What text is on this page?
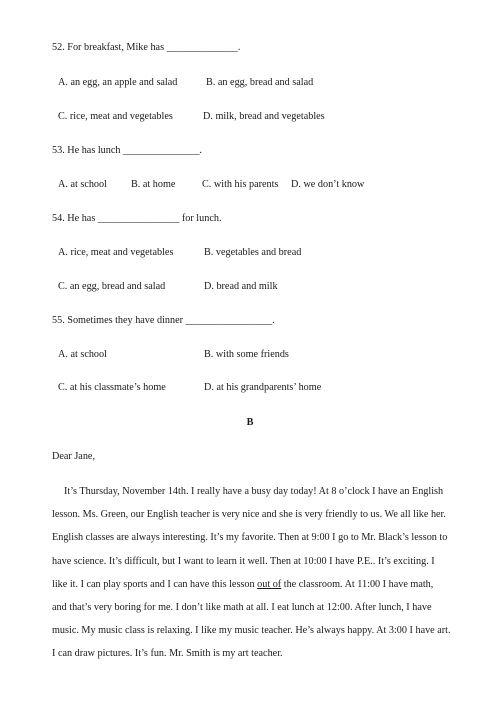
52. For breakfast, Mike has ______________.
A. an egg, an apple and salad	B. an egg, bread and salad
C. rice, meat and vegetables	D. milk, bread and vegetables
53. He has lunch _______________.
A. at school B. at home	C. with his parents D. we don’t know
54. He has ________________ for lunch.
A. rice, meat and vegetables	B. vegetables and bread
C. an egg, bread and salad	D. bread and milk
55. Sometimes they have dinner _________________.
A. at school	B. with some friends
C. at his classmate’s home	D. at his grandparents’ home
B
Dear Jane,
It’s Thursday, November 14th. I really have a busy day today! At 8 o’clock I have an English
lesson. Ms. Green, our English teacher is very nice and she is very friendly to us. We all like her.
English classes are always interesting. It’s my favorite. Then at 9:00 I go to Mr. Black’s lesson to
have science. It’s difficult, but I want to learn it well. Then at 10:00 I have P.E.. It’s exciting. I
like it. I can play sports and I can have this lesson out of the classroom. At 11:00 I have math,
and that’s very boring for me. I don’t like math at all. I eat lunch at 12:00. After lunch, I have
music. My music class is relaxing. I like my music teacher. He’s always happy. At 3:00 I have art.
I can draw pictures. It’s fun. Mr. Smith is my art teacher.
